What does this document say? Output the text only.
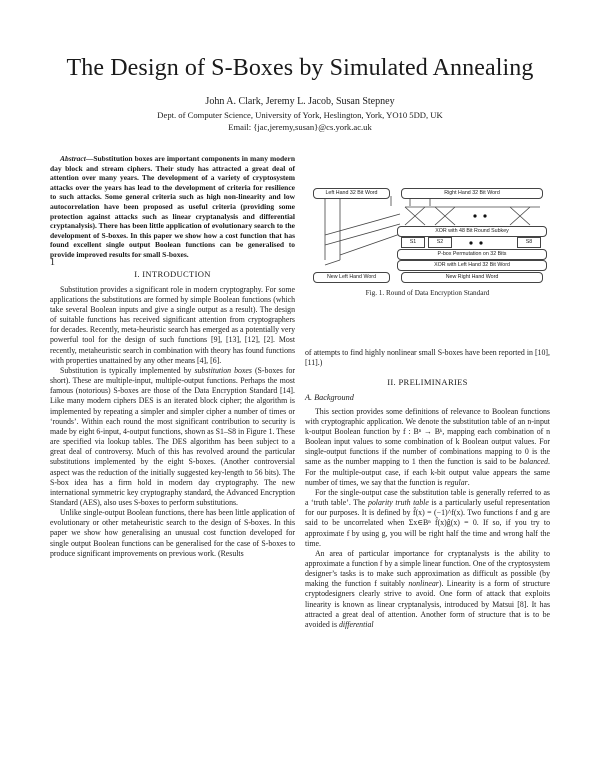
The Design of S-Boxes by Simulated Annealing
John A. Clark, Jeremy L. Jacob, Susan Stepney
Dept. of Computer Science, University of York, Heslington, York, YO10 5DD, UK
Email: {jac,jeremy,susan}@cs.york.ac.uk

Abstract—Substitution boxes are important components in many modern day block and stream ciphers. Their study has attracted a great deal of attention over many years. The development of a variety of cryptosystem attacks over the years has lead to the development of criteria for resilience to such attacks. Some general criteria such as high non-linearity and low autocorrelation have been proposed as useful criteria (providing some protection against attacks such as linear cryptanalysis and differential cryptanalysis). There has been little application of evolutionary search to the development of S-boxes. In this paper we show how a cost function that has found excellent single output Boolean functions can be generalised to provide improved results for small S-boxes.

I. INTRODUCTION

Substitution provides a significant role in modern cryptography. For some applications the substitutions are formed by simple Boolean functions (which take several Boolean inputs and give a single output as a result). The design of suitable functions has received significant attention from cryptographers for decades. Recently, meta-heuristic search has emerged as a potentially very powerful tool for the design of such functions [9], [13], [12], [2]. Most recently, metaheuristic search in combination with theory has found functions with properties unattained by any other means [4], [6].

Substitution is typically implemented by substitution boxes (S-boxes for short). These are multiple-input, multiple-output functions. Perhaps the most famous (notorious) S-boxes are those of the Data Encryption Standard [14]. Like many modern ciphers DES is an iterated block cipher; the algorithm is implemented by repeating a simpler and simpler cipher a number of times or ‘rounds’. Within each round the most significant contribution to security is made by eight 6-input, 4-output functions, shown as S1–S8 in Figure 1. These are specified via lookup tables. The DES algorithm has been subject to a great deal of controversy. Much of this has revolved around the particular substitutions implemented by the eight S-boxes. (Another controversial aspect was the reduction of the initially suggested key-length to 56 bits). The S-box idea has a firm hold in modern day cryptography. The new international symmetric key cryptography standard, the Advanced Encryption Standard (AES), also uses S-boxes to perform substitutions.

Unlike single-output Boolean functions, there has been little application of evolutionary or other metaheuristic search to the design of S-boxes. In this paper we show how generalising an unusual cost function developed for single output Boolean functions can be generalised for the case of S-boxes to produce significant improvements on previous work. (Results

1
Left Hand 32 Bit Word	Right Hand 32 Bit Word
XOR with 48 Bit Round Subkey
S1	S2	S8
P-box Permutation on 32 Bits
XOR with Left Hand 32 Bit Word
New Left Hand Word	New Right Hand Word
Fig. 1. Round of Data Encryption Standard

of attempts to find highly nonlinear small S-boxes have been reported in [10], [11].)

II. PRELIMINARIES
A. Background

This section provides some definitions of relevance to Boolean functions with cryptographic application. We denote the substitution table of an n-input k-output Boolean function by f : Bⁿ → Bᵏ, mapping each combination of n Boolean input values to some combination of k Boolean output values. For single-output functions if the number of combinations mapping to 0 is the same as the number mapping to 1 then the function is said to be balanced. For the multiple-output case, if each k-bit output value appears the same number of times, we say that the function is regular.

For the single-output case the substitution table is generally referred to as a ‘truth table’. The polarity truth table is a particularly useful representation for our purposes. It is defined by f̂(x) = (−1)^f(x). Two functions f and g are said to be uncorrelated when Σx∈Bⁿ f̂(x)ĝ(x) = 0. If so, if you try to approximate f by using g, you will be right half the time and wrong half the time.

An area of particular importance for cryptanalysts is the ability to approximate a function f by a simple linear function. One of the cryptosystem designer’s tasks is to make such approximation as difficult as possible (by making the function f suitably nonlinear). Linearity is a form of structure cryptodesigners clearly strive to avoid. One form of attack that exploits linearity is known as linear cryptanalysis, introduced by Matsui [8]. It has attracted a great deal of attention. Another form of structure that is to be avoided is differential
